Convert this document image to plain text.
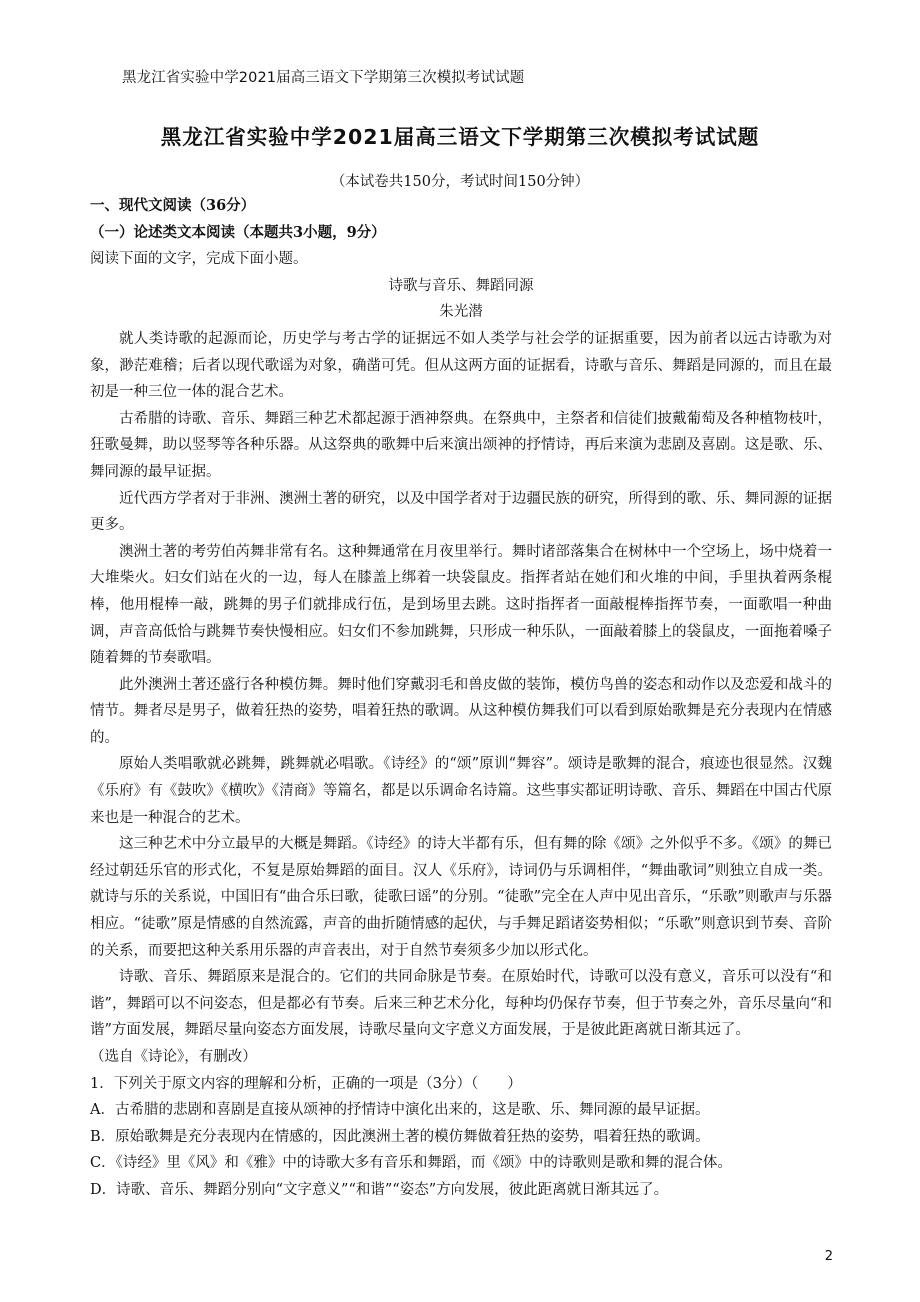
黑龙江省实验中学2021届高三语文下学期第三次模拟考试试题
黑龙江省实验中学2021届高三语文下学期第三次模拟考试试题
（本试卷共150分，考试时间150分钟）

一、现代文阅读（36分）

（一）论述类文本阅读（本题共3小题，9分）

阅读下面的文字，完成下面小题。

诗歌与音乐、舞蹈同源

朱光潜

就人类诗歌的起源而论，历史学与考古学的证据远不如人类学与社会学的证据重要，因为前者以远古诗歌为对象，渺茫难稽；后者以现代歌谣为对象，确凿可凭。但从这两方面的证据看，诗歌与音乐、舞蹈是同源的，而且在最初是一种三位一体的混合艺术。

古希腊的诗歌、音乐、舞蹈三种艺术都起源于酒神祭典。在祭典中，主祭者和信徒们披戴葡萄及各种植物枝叶，狂歌曼舞，助以竖琴等各种乐器。从这祭典的歌舞中后来演出颂神的抒情诗，再后来演为悲剧及喜剧。这是歌、乐、舞同源的最早证据。

近代西方学者对于非洲、澳洲土著的研究，以及中国学者对于边疆民族的研究，所得到的歌、乐、舞同源的证据更多。

澳洲土著的考劳伯芮舞非常有名。这种舞通常在月夜里举行。舞时诸部落集合在树林中一个空场上，场中烧着一大堆柴火。妇女们站在火的一边，每人在膝盖上绑着一块袋鼠皮。指挥者站在她们和火堆的中间，手里执着两条棍棒，他用棍棒一敲，跳舞的男子们就排成行伍，是到场里去跳。这时指挥者一面敲棍棒指挥节奏，一面歌唱一种曲调，声音高低恰与跳舞节奏快慢相应。妇女们不参加跳舞，只形成一种乐队，一面敲着膝上的袋鼠皮，一面拖着嗓子随着舞的节奏歌唱。

此外澳洲土著还盛行各种模仿舞。舞时他们穿戴羽毛和兽皮做的装饰，模仿鸟兽的姿态和动作以及恋爱和战斗的情节。舞者尽是男子，做着狂热的姿势，唱着狂热的歌调。从这种模仿舞我们可以看到原始歌舞是充分表现内在情感的。

原始人类唱歌就必跳舞，跳舞就必唱歌。《诗经》的“颂”原训“舞容”。颂诗是歌舞的混合，痕迹也很显然。汉魏《乐府》有《鼓吹》《横吹》《清商》等篇名，都是以乐调命名诗篇。这些事实都证明诗歌、音乐、舞蹈在中国古代原来也是一种混合的艺术。

这三种艺术中分立最早的大概是舞蹈。《诗经》的诗大半都有乐，但有舞的除《颂》之外似乎不多。《颂》的舞已经过朝廷乐官的形式化，不复是原始舞蹈的面目。汉人《乐府》，诗词仍与乐调相伴，“舞曲歌词”则独立自成一类。就诗与乐的关系说，中国旧有“曲合乐曰歌，徒歌曰谣”的分别。“徒歌”完全在人声中见出音乐，“乐歌”则歌声与乐器相应。“徒歌”原是情感的自然流露，声音的曲折随情感的起伏，与手舞足蹈诸姿势相似；“乐歌”则意识到节奏、音阶的关系，而要把这种关系用乐器的声音表出，对于自然节奏须多少加以形式化。

诗歌、音乐、舞蹈原来是混合的。它们的共同命脉是节奏。在原始时代，诗歌可以没有意义，音乐可以没有“和谐”，舞蹈可以不问姿态，但是都必有节奏。后来三种艺术分化，每种均仍保存节奏，但于节奏之外，音乐尽量向“和谐”方面发展，舞蹈尽量向姿态方面发展，诗歌尽量向文字意义方面发展，于是彼此距离就日渐其远了。

（选自《诗论》，有删改）

1．下列关于原文内容的理解和分析，正确的一项是（3分）（　　）

A．古希腊的悲剧和喜剧是直接从颂神的抒情诗中演化出来的，这是歌、乐、舞同源的最早证据。

B．原始歌舞是充分表现内在情感的，因此澳洲土著的模仿舞做着狂热的姿势，唱着狂热的歌调。

C．《诗经》里《风》和《雅》中的诗歌大多有音乐和舞蹈，而《颂》中的诗歌则是歌和舞的混合体。

D．诗歌、音乐、舞蹈分别向“文字意义”“和谐”“姿态”方向发展，彼此距离就日渐其远了。

2
